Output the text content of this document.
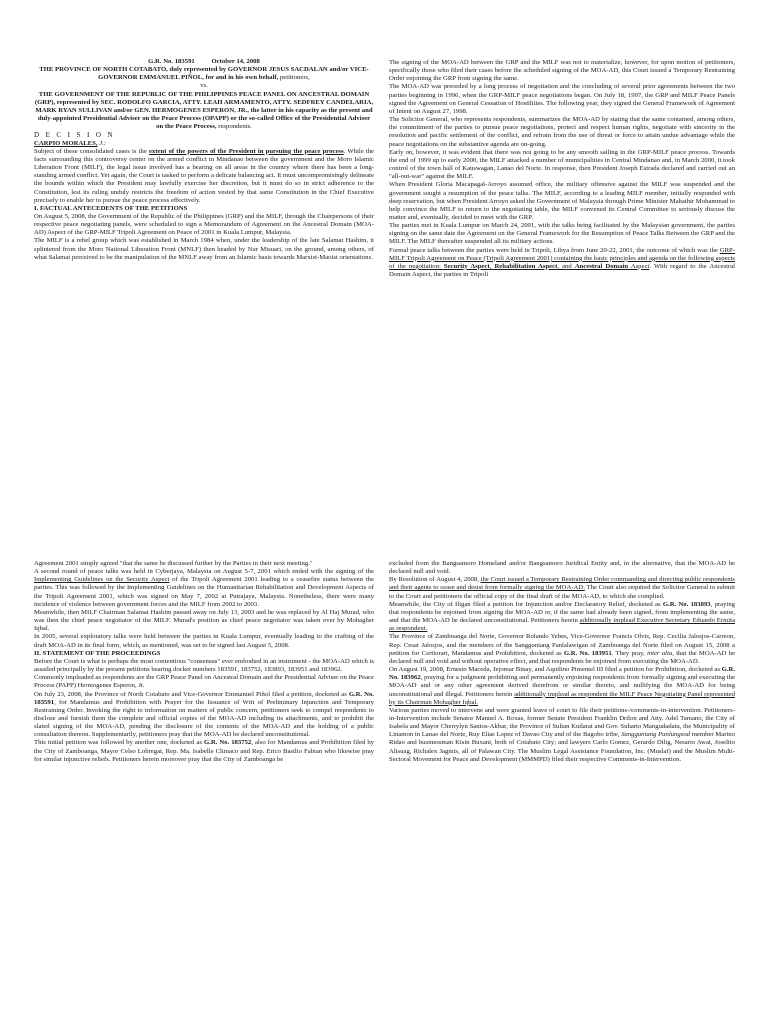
G.R. No. 183591 October 14, 2008

THE PROVINCE OF NORTH COTABATO, duly represented by GOVERNOR JESUS SACDALAN and/or VICE-GOVERNOR EMMANUEL PIÑOL, for and in his own behalf, petitioners,

vs.

THE GOVERNMENT OF THE REPUBLIC OF THE PHILIPPINES PEACE PANEL ON ANCESTRAL DOMAIN (GRP), represented by SEC. RODOLFO GARCIA, ATTY. LEAH ARMAMENTO, ATTY. SEDFREY CANDELARIA, MARK RYAN SULLIVAN and/or GEN. HERMOGENES ESPERON, JR., the latter in his capacity as the present and duly-appointed Presidential Adviser on the Peace Process (OPAPP) or the so-called Office of the Presidential Adviser on the Peace Process, respondents.

D E C I S I O N

CARPIO MORALES, J.:

Subject of these consolidated cases is the extent of the powers of the President in pursuing the peace process. While the facts surrounding this controversy center on the armed conflict in Mindanao between the government and the Moro Islamic Liberation Front (MILF), the legal issue involved has a bearing on all areas in the country where there has been a long-standing armed conflict. Yet again, the Court is tasked to perform a delicate balancing act. It must uncompromisingly delineate the bounds within which the President may lawfully exercise her discretion, but it must do so in strict adherence to the Constitution, lest its ruling unduly restricts the freedom of action vested by that same Constitution in the Chief Executive precisely to enable her to pursue the peace process effectively.

I. FACTUAL ANTECEDENTS OF THE PETITIONS

On August 5, 2008, the Government of the Republic of the Philippines (GRP) and the MILF, through the Chairpersons of their respective peace negotiating panels, were scheduled to sign a Memorandum of Agreement on the Ancestral Domain (MOA-AD) Aspect of the GRP-MILF Tripoli Agreement on Peace of 2001 in Kuala Lumpur, Malaysia.

The MILF is a rebel group which was established in March 1984 when, under the leadership of the late Salamat Hashim, it splintered from the Moro National Liberation Front (MNLF) then headed by Nur Misuari, on the ground, among others, of what Salamat perceived to be the manipulation of the MNLF away from an Islamic basis towards Marxist-Maoist orientations.

The signing of the MOA-AD between the GRP and the MILF was not to materialize, however, for upon motion of petitioners, specifically those who filed their cases before the scheduled signing of the MOA-AD, this Court issued a Temporary Restraining Order enjoining the GRP from signing the same.

The MOA-AD was preceded by a long process of negotiation and the concluding of several prior agreements between the two parties beginning in 1996, when the GRP-MILF peace negotiations began. On July 18, 1997, the GRP and MILF Peace Panels signed the Agreement on General Cessation of Hostilities. The following year, they signed the General Framework of Agreement of Intent on August 27, 1998.

The Solicitor General, who represents respondents, summarizes the MOA-AD by stating that the same contained, among others, the commitment of the parties to pursue peace negotiations, protect and respect human rights, negotiate with sincerity in the resolution and pacific settlement of the conflict, and refrain from the use of threat or force to attain undue advantage while the peace negotiations on the substantive agenda are on-going.

Early on, however, it was evident that there was not going to be any smooth sailing in the GRP-MILF peace process. Towards the end of 1999 up to early 2000, the MILF attacked a number of municipalities in Central Mindanao and, in March 2000, it took control of the town hall of Kauswagan, Lanao del Norte. In response, then President Joseph Estrada declared and carried out an "all-out-war" against the MILF.

When President Gloria Macapagal-Arroyo assumed office, the military offensive against the MILF was suspended and the government sought a resumption of the peace talks. The MILF, according to a leading MILF member, initially responded with deep reservation, but when President Arroyo asked the Government of Malaysia through Prime Minister Mahathir Mohammad to help convince the MILF to return to the negotiating table, the MILF convened its Central Committee to seriously discuss the matter and, eventually, decided to meet with the GRP.

The parties met in Kuala Lumpur on March 24, 2001, with the talks being facilitated by the Malaysian government, the parties signing on the same date the Agreement on the General Framework for the Resumption of Peace Talks Between the GRP and the MILF. The MILF thereafter suspended all its military actions.

Formal peace talks between the parties were held in Tripoli, Libya from June 20-22, 2001, the outcome of which was the GRP-MILF Tripoli Agreement on Peace (Tripoli Agreement 2001) containing the basic principles and agenda on the following aspects of the negotiation: Security Aspect, Rehabilitation Aspect, and Ancestral Domain Aspect. With regard to the Ancestral Domain Aspect, the parties in Tripoli

Agreement 2001 simply agreed "that the same be discussed further by the Parties in their next meeting."

A second round of peace talks was held in Cyberjaya, Malaysia on August 5-7, 2001 which ended with the signing of the Implementing Guidelines on the Security Aspect of the Tripoli Agreement 2001 leading to a ceasefire status between the parties. This was followed by the Implementing Guidelines on the Humanitarian Rehabilitation and Development Aspects of the Tripoli Agreement 2001, which was signed on May 7, 2002 at Putrajaya, Malaysia. Nonetheless, there were many incidence of violence between government forces and the MILF from 2002 to 2003.

Meanwhile, then MILF Chairman Salamat Hashim passed away on July 13, 2003 and he was replaced by Al Haj Murad, who was then the chief peace negotiator of the MILF. Murad's position as chief peace negotiator was taken over by Mohagher Iqbal.

In 2005, several exploratory talks were held between the parties in Kuala Lumpur, eventually leading to the crafting of the draft MOA-AD in its final form, which, as mentioned, was set to be signed last August 5, 2008.

II. STATEMENT OF THE PROCEEDINGS

Before the Court is what is perhaps the most contentious "consensus" ever embodied in an instrument - the MOA-AD which is assailed principally by the present petitions bearing docket numbers 183591, 183752, 183893, 183951 and 183962.

Commonly impleaded as respondents are the GRP Peace Panel on Ancestral Domain and the Presidential Adviser on the Peace Process (PAPP) Hermogenes Esperon, Jr.

On July 23, 2008, the Province of North Cotabato and Vice-Governor Emmanuel Piñol filed a petition, docketed as G.R. No. 183591, for Mandamus and Prohibition with Prayer for the Issuance of Writ of Preliminary Injunction and Temporary Restraining Order. Invoking the right to information on matters of public concern, petitioners seek to compel respondents to disclose and furnish them the complete and official copies of the MOA-AD including its attachments, and to prohibit the slated signing of the MOA-AD, pending the disclosure of the contents of the MOA-AD and the holding of a public consultation thereon. Supplementarily, petitioners pray that the MOA-AD be declared unconstitutional.

This initial petition was followed by another one, docketed as G.R. No. 183752, also for Mandamus and Prohibition filed by the City of Zamboanga, Mayor Celso Lobregat, Rep. Ma. Isabelle Climaco and Rep. Erico Basilio Fabian who likewise pray for similar injunctive reliefs. Petitioners herein moreover pray that the City of Zamboanga be

excluded from the Bangsamoro Homeland and/or Bangsamoro Juridical Entity and, in the alternative, that the MOA-AD be declared null and void.

By Resolution of August 4, 2008, the Court issued a Temporary Restraining Order commanding and directing public respondents and their agents to cease and desist from formally signing the MOA-AD. The Court also required the Solicitor General to submit to the Court and petitioners the official copy of the final draft of the MOA-AD, to which she complied.

Meanwhile, the City of Iligan filed a petition for Injunction and/or Declaratory Relief, docketed as G.R. No. 183893, praying that respondents be enjoined from signing the MOA-AD or, if the same had already been signed, from implementing the same, and that the MOA-AD be declared unconstitutional. Petitioners herein additionally implead Executive Secretary Eduardo Ermita as respondent.

The Province of Zamboanga del Norte, Governor Rolando Yebes, Vice-Governor Francis Olvis, Rep. Cecilia Jalosjos-Carreon, Rep. Cesar Jalosjos, and the members of the Sangguniang Panlalawigan of Zamboanga del Norte filed on August 15, 2008 a petition for Certiorari, Mandamus and Prohibition, docketed as G.R. No. 183951. They pray, inter alia, that the MOA-AD be declared null and void and without operative effect, and that respondents be enjoined from executing the MOA-AD.

On August 19, 2008, Ernesto Maceda, Jejomar Binay, and Aquilino Pimentel III filed a petition for Prohibition, docketed as G.R. No. 183962, praying for a judgment prohibiting and permanently enjoining respondents from formally signing and executing the MOA-AD and or any other agreement derived therefrom or similar thereto, and nullifying the MOA-AD for being unconstitutional and illegal. Petitioners herein additionally implead as respondent the MILF Peace Negotiating Panel represented by its Chairman Mohagher Iqbal.

Various parties moved to intervene and were granted leave of court to file their petitions-/comments-in-intervention. Petitioners-in-Intervention include Senator Manuel A. Roxas, former Senate President Franklin Drilon and Atty. Adel Tamano, the City of Isabela and Mayor Cherrylyn Santos-Akbar, the Province of Sultan Kudarat and Gov. Suharto Mangudadatu, the Municipality of Linamon in Lanao del Norte, Ruy Elias Lopez of Davao City and of the Bagobo tribe, Sangguniang Panlungsod member Marino Ridao and businessman Kisin Buxani, both of Cotabato City; and lawyers Carlo Gomez, Gerardo Dilig, Nesario Awat, Joselito Alisuag, Richalex Jagmis, all of Palawan City. The Muslim Legal Assistance Foundation, Inc. (Muslaf) and the Muslim Multi-Sectoral Movement for Peace and Development (MMMPD) filed their respective Comments-in-Intervention.
